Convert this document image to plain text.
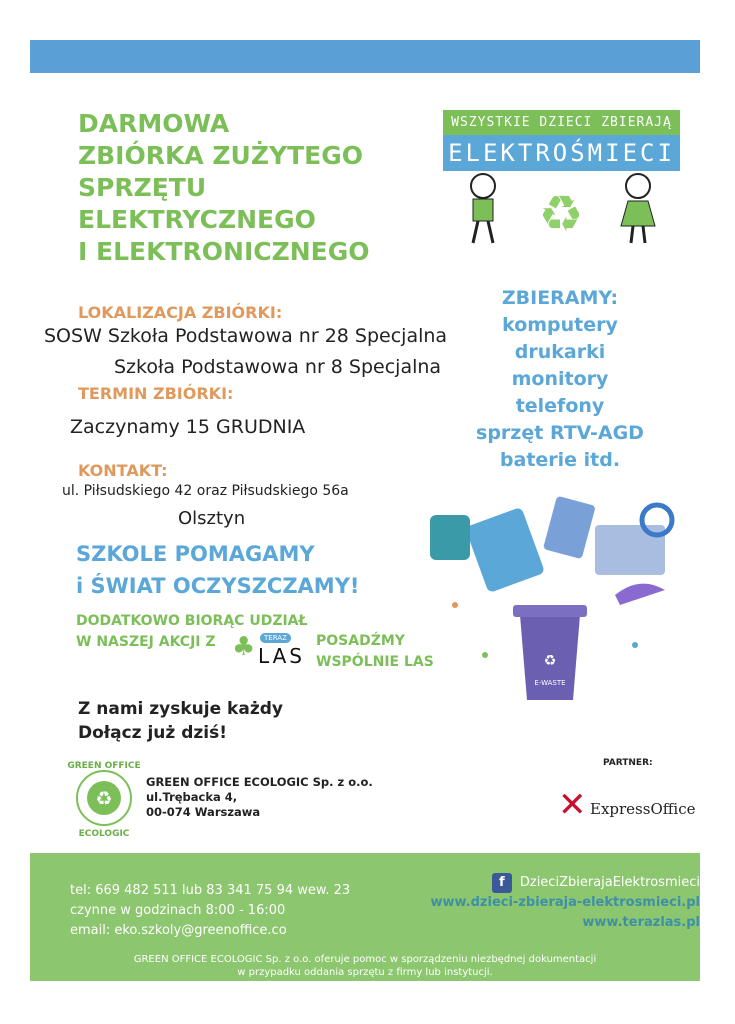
DARMOWA
ZBIÓRKA ZUŻYTEGO
SPRZĘTU
ELEKTRYCZNEGO
I ELEKTRONICZNEGO
WSZYSTKIE DZIECI ZBIERAJĄ
ELEKTROŚMIECI
♻
LOKALIZACJA ZBIÓRKI:
SOSW Szkoła Podstawowa nr 28 Specjalna
Szkoła Podstawowa nr 8 Specjalna
TERMIN ZBIÓRKI:
Zaczynamy 15 GRUDNIA
KONTAKT:
ul. Piłsudskiego 42 oraz Piłsudskiego 56a
Olsztyn
ZBIERAMY:
komputery
drukarki
monitory
telefony
sprzęt RTV-AGD
baterie itd.
SZKOLE POMAGAMY
i ŚWIAT OCZYSZCZAMY!
♻
E-WASTE
DODATKOWO BIORĄC UDZIAŁ
W NASZEJ AKCJI Z ♣	TERAZ
LAS
POSADŹMY
WSPÓLNIE LAS
Z nami zyskuje każdy
Dołącz już dziś!
♻
GREEN OFFICE
ECOLOGIC
GREEN OFFICE ECOLOGIC Sp. z o.o.
ul.Trębacka 4,
00-074 Warszawa
PARTNER:
✕ ExpressOffice
tel: 669 482 511 lub 83 341 75 94 wew. 23
czynne w godzinach 8:00 - 16:00
email: eko.szkoly@greenoffice.co
f DzieciZbierajaElektrosmieci
www.dzieci-zbieraja-elektrosmieci.pl
www.terazlas.pl
GREEN OFFICE ECOLOGIC Sp. z o.o. oferuje pomoc w sporządzeniu niezbędnej dokumentacji
w przypadku oddania sprzętu z firmy lub instytucji.
